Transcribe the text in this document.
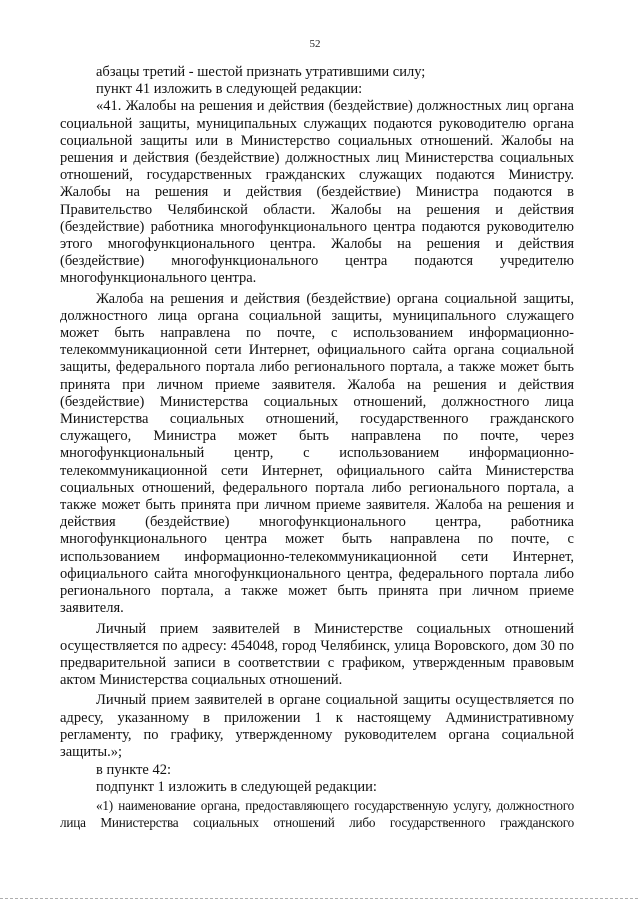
52

абзацы третий - шестой признать утратившими силу;

пункт 41 изложить в следующей редакции:

«41. Жалобы на решения и действия (бездействие) должностных лиц органа социальной защиты, муниципальных служащих подаются руководителю органа социальной защиты или в Министерство социальных отношений. Жалобы на решения и действия (бездействие) должностных лиц Министерства социальных отношений, государственных гражданских служащих подаются Министру. Жалобы на решения и действия (бездействие) Министра подаются в Правительство Челябинской области. Жалобы на решения и действия (бездействие) работника многофункционального центра подаются руководителю этого многофункционального центра. Жалобы на решения и действия (бездействие) многофункционального центра подаются учредителю многофункционального центра.

Жалоба на решения и действия (бездействие) органа социальной защиты, должностного лица органа социальной защиты, муниципального служащего может быть направлена по почте, с использованием информационно-телекоммуникационной сети Интернет, официального сайта органа социальной защиты, федерального портала либо регионального портала, а также может быть принята при личном приеме заявителя. Жалоба на решения и действия (бездействие) Министерства социальных отношений, должностного лица Министерства социальных отношений, государственного гражданского служащего, Министра может быть направлена по почте, через многофункциональный центр, с использованием информационно-телекоммуникационной сети Интернет, официального сайта Министерства социальных отношений, федерального портала либо регионального портала, а также может быть принята при личном приеме заявителя. Жалоба на решения и действия (бездействие) многофункционального центра, работника многофункционального центра может быть направлена по почте, с использованием информационно-телекоммуникационной сети Интернет, официального сайта многофункционального центра, федерального портала либо регионального портала, а также может быть принята при личном приеме заявителя.

Личный прием заявителей в Министерстве социальных отношений осуществляется по адресу: 454048, город Челябинск, улица Воровского, дом 30 по предварительной записи в соответствии с графиком, утвержденным правовым актом Министерства социальных отношений.

Личный прием заявителей в органе социальной защиты осуществляется по адресу, указанному в приложении 1 к настоящему Административному регламенту, по графику, утвержденному руководителем органа социальной защиты.»;

в пункте 42:

подпункт 1 изложить в следующей редакции:

«1) наименование органа, предоставляющего государственную услугу, должностного лица Министерства социальных отношений либо государственного гражданского
